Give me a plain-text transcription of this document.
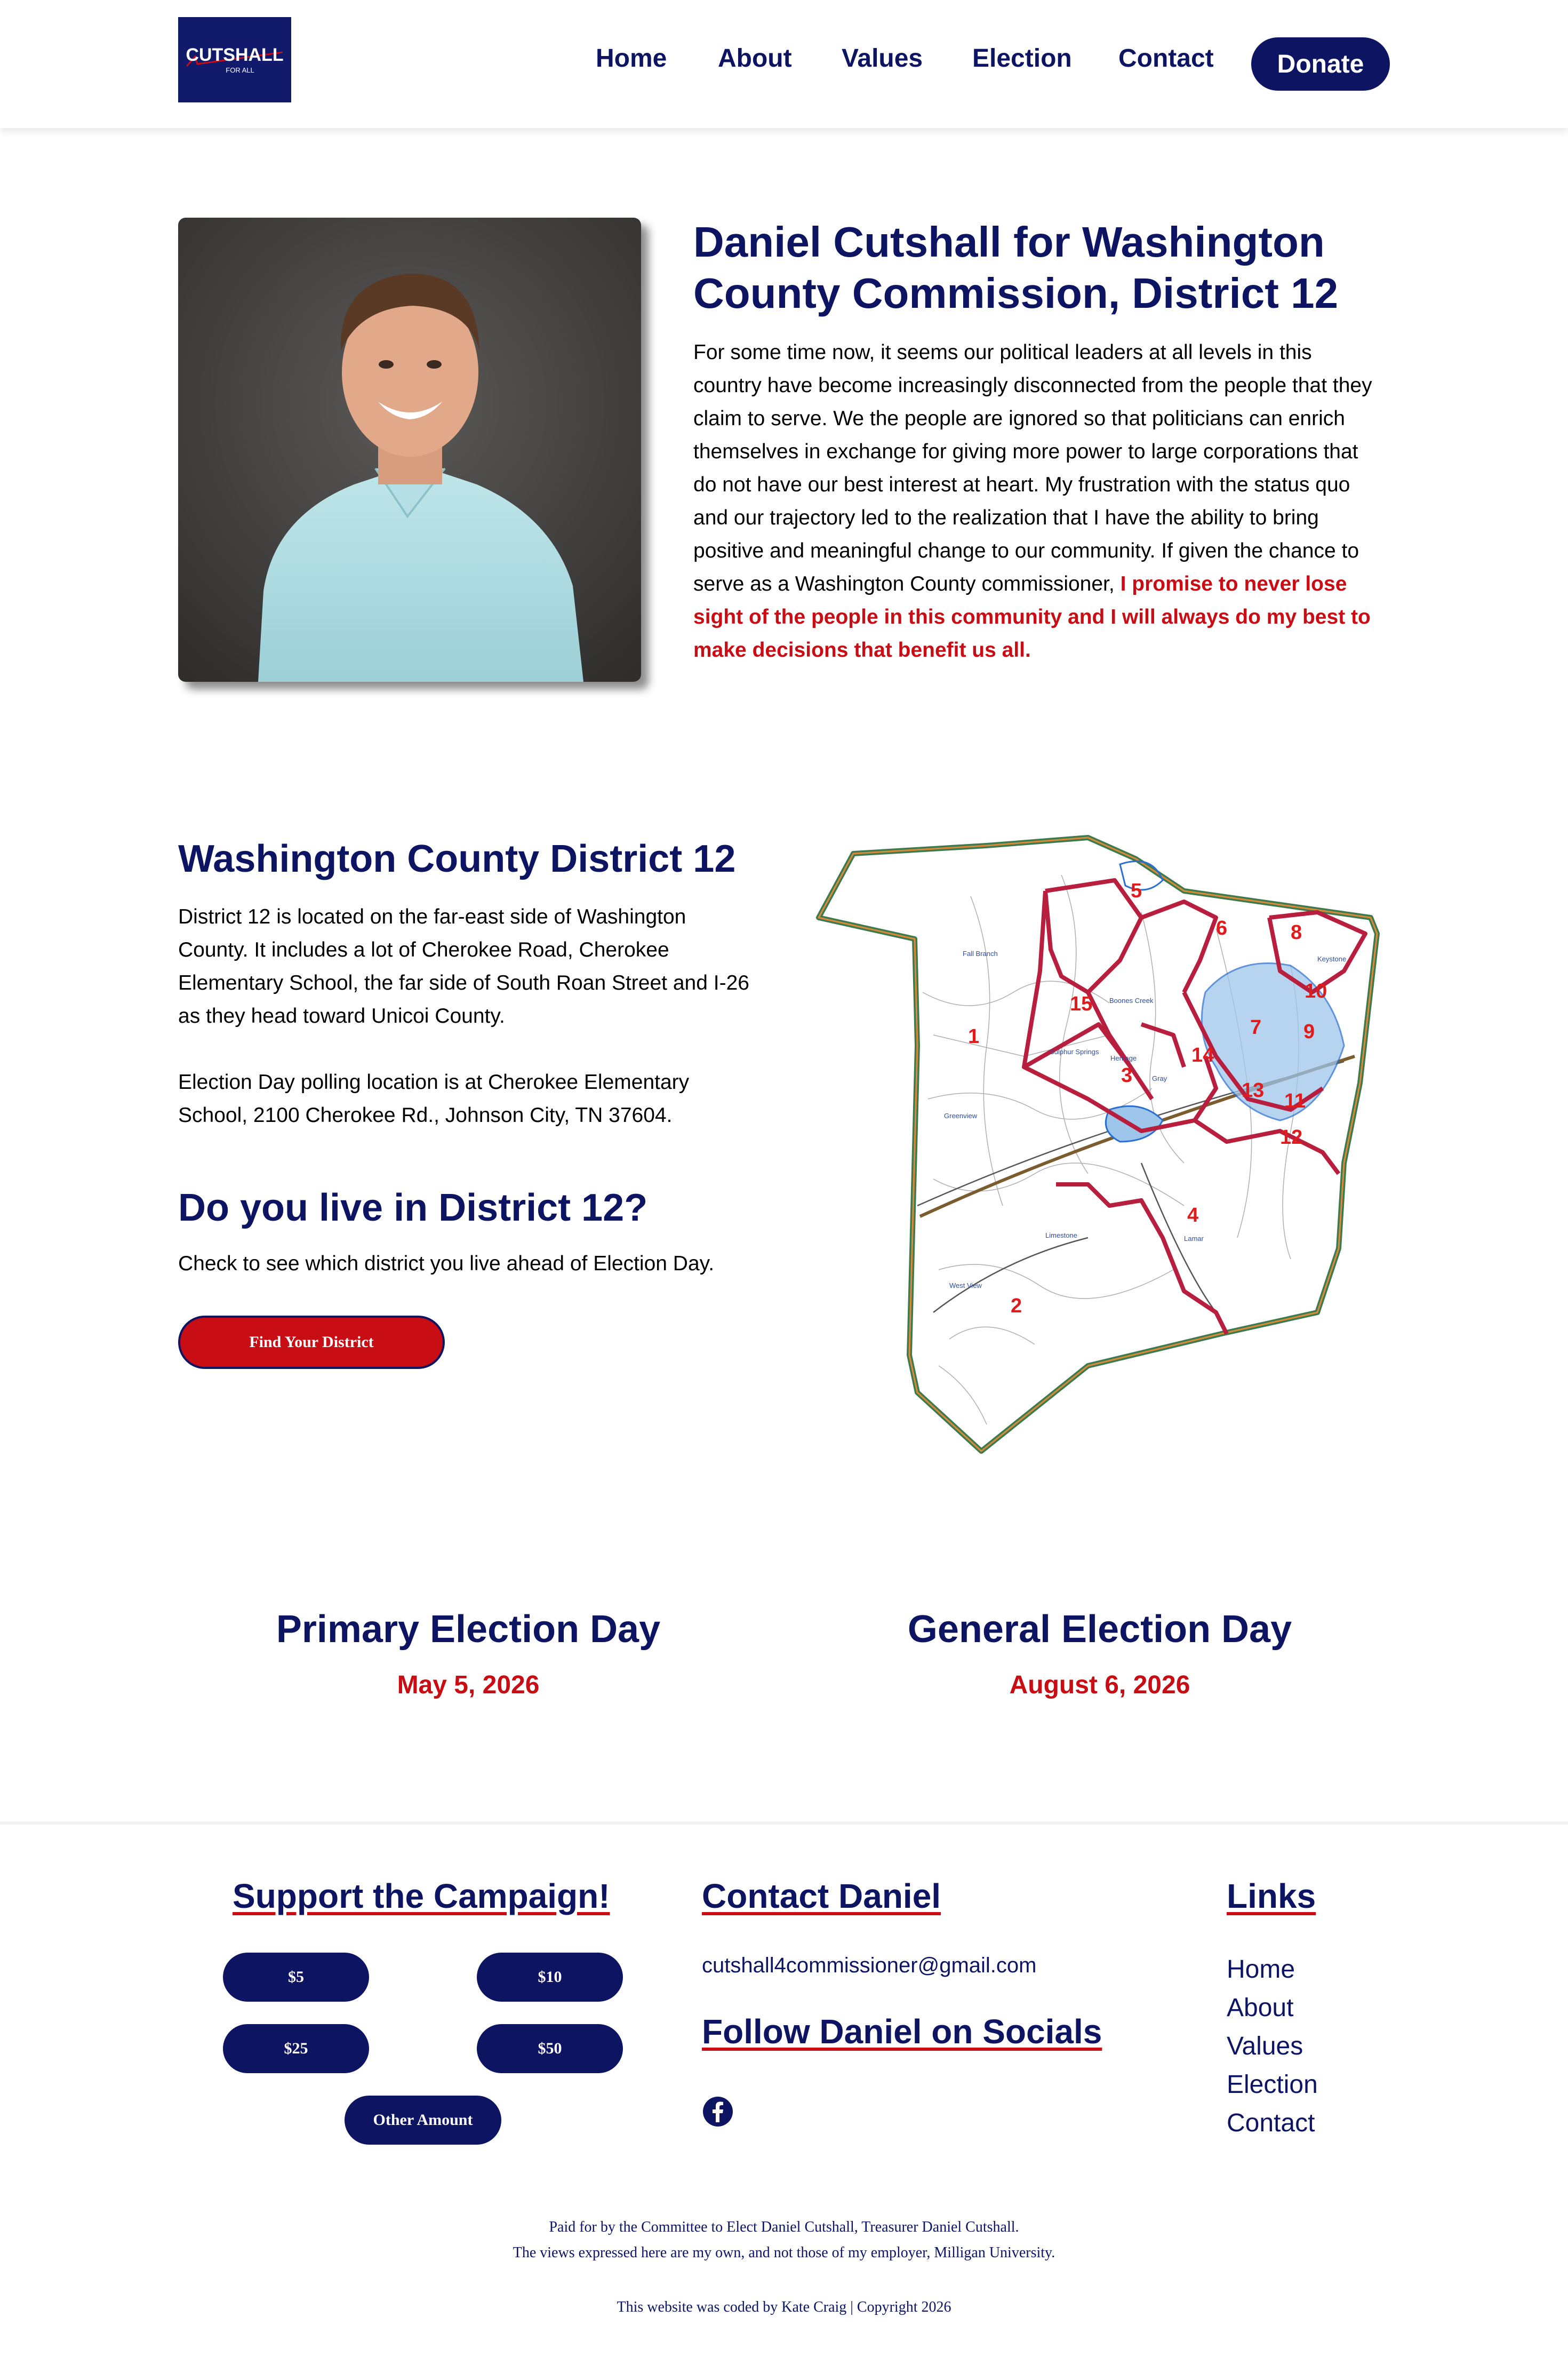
CUTSHALL
FOR ALL	Home About Values Election Contact	Donate
Daniel Cutshall for Washington County Commission, District 12

For some time now, it seems our political leaders at all levels in this country have become increasingly disconnected from the people that they claim to serve. We the people are ignored so that politicians can enrich themselves in exchange for giving more power to large corporations that do not have our best interest at heart. My frustration with the status quo and our trajectory led to the realization that I have the ability to bring positive and meaningful change to our community. If given the chance to serve as a Washington County commissioner, I promise to never lose sight of the people in this community and I will always do my best to make decisions that benefit us all.

Washington County District 12

District 12 is located on the far-east side of Washington County. It includes a lot of Cherokee Road, Cherokee Elementary School, the far side of South Roan Street and I-26 as they head toward Unicoi County.

Election Day polling location is at Cherokee Elementary School, 2100 Cherokee Rd., Johnson City, TN 37604.

Do you live in District 12?

Check to see which district you live ahead of Election Day.

Find Your District
1
2
3
4
5
6
7
8
9
10
11
12
13
14
15
Fall Branch
Boones Creek
Sulphur Springs
Gray
Heritage
Greenview
Limestone	Lamar
West View
Keystone
Primary Election Day

May 5, 2026

General Election Day

August 6, 2026

Support the Campaign!
$5	$10
$25	$50
Other Amount
Contact Daniel
cutshall4commissioner@gmail.com
Follow Daniel on Socials
Links
Home
About
Values
Election
Contact
Paid for by the Committee to Elect Daniel Cutshall, Treasurer Daniel Cutshall.
The views expressed here are my own, and not those of my employer, Milligan University.
This website was coded by Kate Craig | Copyright 2026
